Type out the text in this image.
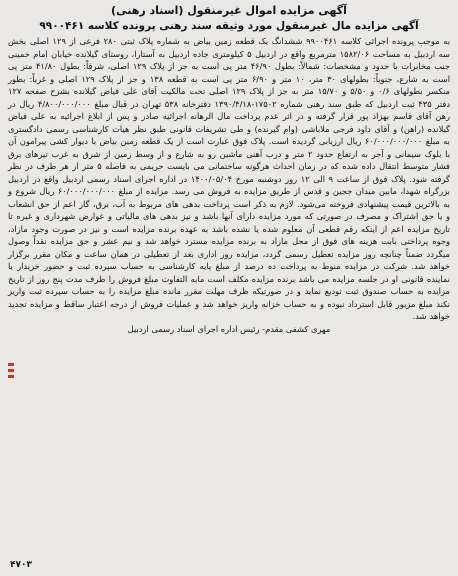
آگهی مزایده اموال غیرمنقول (اسناد رهنی)

آگهی مزایده مال غیرمنقول مورد وثیقه سند رهنی پرونده کلاسه ۹۹۰۰۴۶۱

به موجب پرونده اجرائی کلاسه ۹۹۰۰۴۶۱ ششدانگ یک قطعه زمین بیاض به شماره پلاک ثبتی ۲۸۰ فرعی از ۱۲۹ اصلی بخش سه اردبیل به مساحت ۱۵۸۲/۰۶ مترمربع واقع در اردبیل ۵ کیلومتری جاده اردبیل به آستارا، روستای گیلانده خیابان امام خمینی جنب مخابرات با حدود و مشخصات: شمالاً: بطول ۴۶/۹۰ متر پی است به جز از پلاک ۱۲۹ اصلی، شرقاً: بطول ۴۱/۸۰ متر پی است به شارع، جنوباً: بطولهای ۳۰ متر، ۱۰ متر و ۶/۹۰ متر پی است به قطعه ۱۳۸ و جز از پلاک ۱۲۹ اصلی و غرباً: بطور منکسر بطولهای ۰/۶ و ۵/۵۰ و ۱۵/۷۰ متر به جز از پلاک ۱۲۹ اصلی تحت مالکیت آقای علی فیاض گیلانده بشرح صفحه ۱۲۷ دفتر ۴۳۵ ثبت اردبیل که طبق سند رهنی شماره ۱۷۵۰۲-۱۳۹۰/۴/۱۸ دفترخانه ۵۳۸ تهران در قبال مبلغ ۴/۸۰۰/۰۰۰/۰۰۰ ریال در رهن آقای قاسم بهزاد پور قرار گرفته و در اثر عدم پرداخت مال الرهانه اجرائیه صادر و پس از ابلاغ اجرائیه به علی فیاض گیلانده (راهن) و آقای داود فرجی ملاباشی (وام گیرنده) و طی تشریفات قانونی طبق نظر هیات کارشناسی رسمی دادگستری به مبلغ ۶۰/۰۰۰/۰۰۰/۰۰۰ ریال ارزیابی گردیده است. پلاک فوق عبارت است از یک قطعه زمین بیاض با دیوار کشی پیرامون آن با بلوک سیمانی و آجر به ارتفاع حدود ۲ متر و درب آهنی ماشین رو به شارع و از وسط زمین از شرق به غرب تیرهای برق فشار متوسط انتقال داده شده که در زمان احداث هرگونه ساختمانی می بایست حریمی به فاصله ۵ متر از هر طرف در نظر گرفته شود. پلاک فوق از ساعت ۹ الی ۱۲ روز دوشنبه مورخ ۱۴۰۰/۰۵/۰۴ در اداره اجرای اسناد رسمی اردبیل واقع در اردبیل بزرگراه شهدا، مابین میدان ججین و قدس از طریق مزایده به فروش می رسد. مزایده از مبلغ ۶۰/۰۰۰/۰۰۰/۰۰۰ ریال شروع و به بالاترین قیمت پیشنهادی فروخته می‌شود. لازم به ذکر است پرداخت بدهی های مربوط به آب، برق، گاز اعم از حق انشعاب و یا حق اشتراک و مصرف در صورتی که مورد مزایده دارای آنها باشد و نیز بدهی های مالیاتی و عوارض شهرداری و غیره تا تاریخ مزایده اعم از اینکه رقم قطعی آن معلوم شده یا نشده باشد به عهده برنده مزایده است و نیز در صورت وجود مازاد، وجوه پرداختی بابت هزینه های فوق از محل مازاد به برنده مزایده مسترد خواهد شد و نیم عشر و حق مزایده نقداً وصول میگردد ضمناً چنانچه روز مزایده تعطیل رسمی گردد، مزایده روز اداری بعد از تعطیلی در همان ساعت و مکان مقرر برگزار خواهد شد. شرکت در مزایده منوط به پرداخت ده درصد از مبلغ پایه کارشناسی به حساب سپرده ثبت و حضور خریدار یا نماینده قانونی او در جلسه مزایده می باشد برنده مزایده مکلف است مابه التفاوت مبلغ فروش را ظرف مدت پنج روز از تاریخ مزایده به حساب صندوق ثبت تودیع نماید و در صورتیکه ظرف مهلت مقرر مانده مبلغ مزایده را به حساب سپرده ثبت واریز نکند مبلغ مزبور قابل استرداد نبوده و به حساب خزانه واریز خواهد شد و عملیات فروش از درجه اعتبار ساقط و مزایده تجدید خواهد شد.

مهری کشفی مقدم- رئیس اداره اجرای اسناد رسمی اردبیل

۴۷۰۳
